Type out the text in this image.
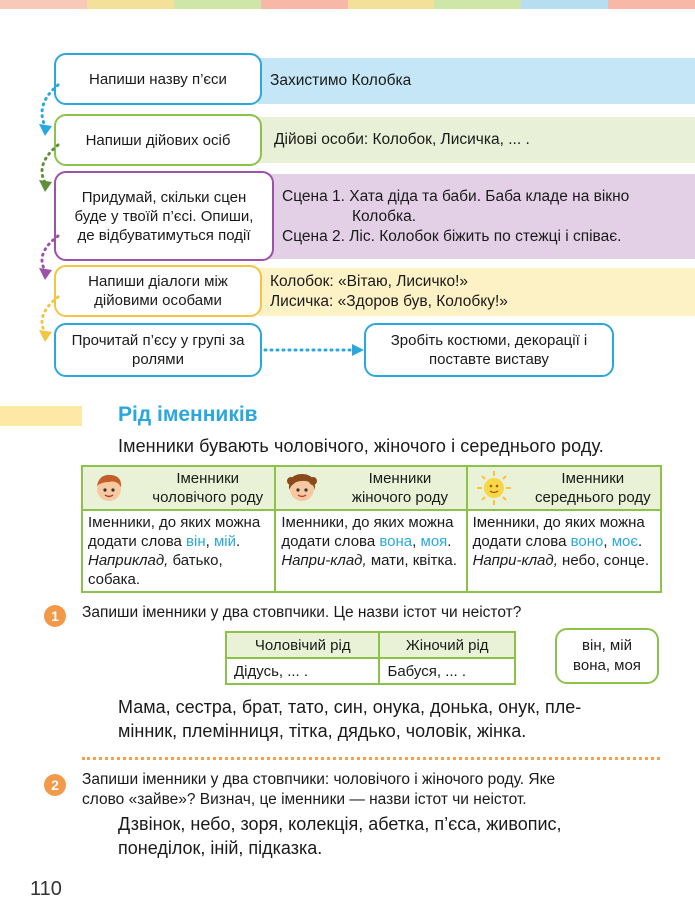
Захистимо Колобка
Напиши назву п’єси
Дійові особи: Колобок, Лисичка, ... .
Напиши дійових осіб
Сцена 1. Хата діда та баби. Баба кладе на вікно
Колобка.
Сцена 2. Ліс. Колобок біжить по стежці і співає.
Придумай, скільки сцен буде у твоїй п’єсі. Опиши, де відбуватимуться події
Колобок: «Вітаю, Лисичко!»
Лисичка: «Здоров був, Колобку!»
Напиши діалоги між дійовими особами
Прочитай п’єсу у групі за ролями
Зробіть костюми, декорації і поставте виставу
Рід іменників
Іменники бувають чоловічого, жіночого і середнього роду.
Іменники чоловічого роду	Іменники жіночого роду	Іменники середнього роду

Іменники, до яких можна додати слова він, мій. Наприклад, батько, собака.	Іменники, до яких можна додати слова вона, моя. Напри-клад, мати, квітка.	Іменники, до яких можна додати слова воно, моє. Напри-клад, небо, сонце.
1	Запиши іменники у два стовпчики. Це назви істот чи неістот?
Чоловічий рід	Жіночий рід
Дідусь, ... .	Бабуся, ... .
він, мій
вона, моя
Мама, сестра, брат, тато, син, онука, донька, онук, пле-
мінник, племінниця, тітка, дядько, чоловік, жінка.
2	Запиши іменники у два стовпчики: чоловічого і жіночого роду. Яке
слово «зайве»? Визнач, це іменники — назви істот чи неістот.
Дзвінок, небо, зоря, колекція, абетка, п’єса, живопис,
понеділок, іній, підказка.
110
